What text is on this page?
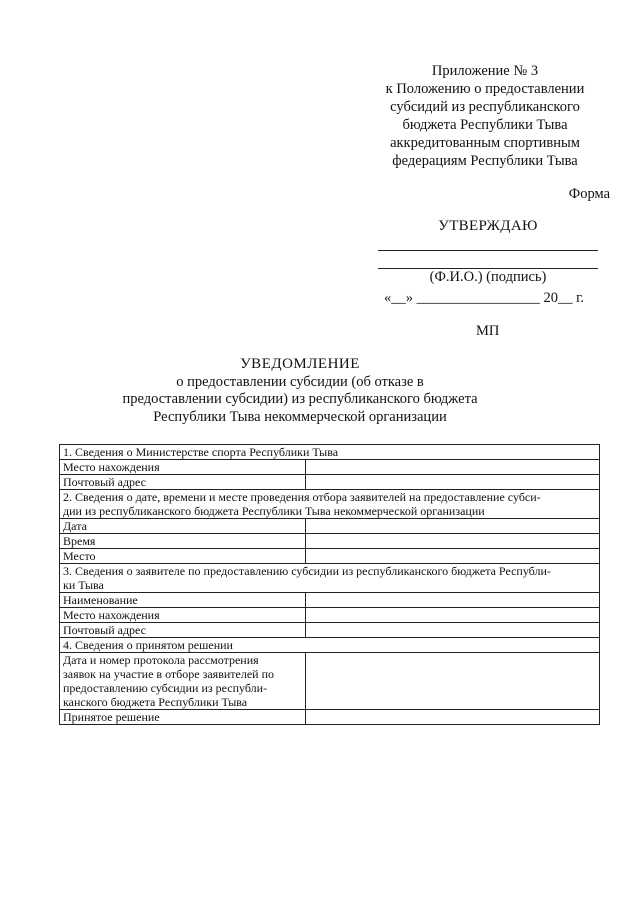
Приложение № 3
к Положению о предоставлении
субсидий из республиканского
бюджета Республики Тыва
аккредитованным спортивным
федерациям Республики Тыва
Форма
УТВЕРЖДАЮ
(Ф.И.О.) (подпись)
«__» _________________ 20__ г.
МП
УВЕДОМЛЕНИЕ
о предоставлении субсидии (об отказе в
предоставлении субсидии) из республиканского бюджета
Республики Тыва некоммерческой организации
1. Сведения о Министерстве спорта Республики Тыва	
Место нахождения	
Почтовый адрес	
2. Сведения о дате, времени и месте проведения отбора заявителей на предоставление субси-
дии из республиканского бюджета Республики Тыва некоммерческой организации	
Дата	
Время	
Место	
3. Сведения о заявителе по предоставлению субсидии из республиканского бюджета Республи-
ки Тыва	
Наименование	
Место нахождения	
Почтовый адрес	
4. Сведения о принятом решении	
Дата и номер протокола рассмотрения
заявок на участие в отборе заявителей по
предоставлению субсидии из республи-
канского бюджета Республики Тыва	
Принятое решение	
